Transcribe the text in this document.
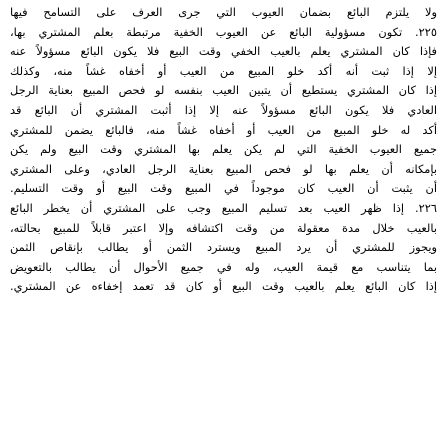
ولا يلتزم البائع بضمان العيوب التي جرى العرف على التسامح فيها
٢٢٥. تكون مسؤولية البائع عن العيوب الخفية مرتبطة بعلم المشتري بها،
فإذا كان المشتري يعلم بالعيب الخفي وقت البيع فلا يكون البائع مسؤولاً عنه
إلا إذا ثبت أنه أكد خلو المبيع من العيب أو أخفاه غشاً منه، وكذلك
إذا كان المشتري يستطيع أن يتبين العيب بنفسه لو فحص المبيع بعناية الرجل
العادي فلا يكون البائع مسؤولاً عنه إلا إذا أثبت المشتري أن البائع قد
أكد له خلو المبيع من العيب أو أخفاه غشاً منه، فالبائع يضمن للمشتري
جميع العيوب الخفية التي لم يكن يعلم بها المشتري وقت البيع ولم يكن
بإمكانه أن يعلم بها لو فحص المبيع بعناية الرجل العادي، وعلى المشتري
أن يثبت أن العيب كان موجوداً في المبيع وقت البيع أو وقت التسليم.
٢٢٦. إذا ظهر العيب بعد تسليم المبيع وجب على المشتري أن يخطر البائع
بالعيب خلال مدة معقولة من وقت اكتشافه وإلا اعتبر قابلاً للمبيع بحالته،
ويجوز للمشتري أن يرد المبيع ويسترد الثمن أو يطالب بإنقاص الثمن
بما يتناسب مع قيمة العيب، وله في جميع الأحوال أن يطالب بالتعويض
إذا كان البائع يعلم بالعيب وقت البيع أو كان قد تعمد إخفاءه عن المشتري.
